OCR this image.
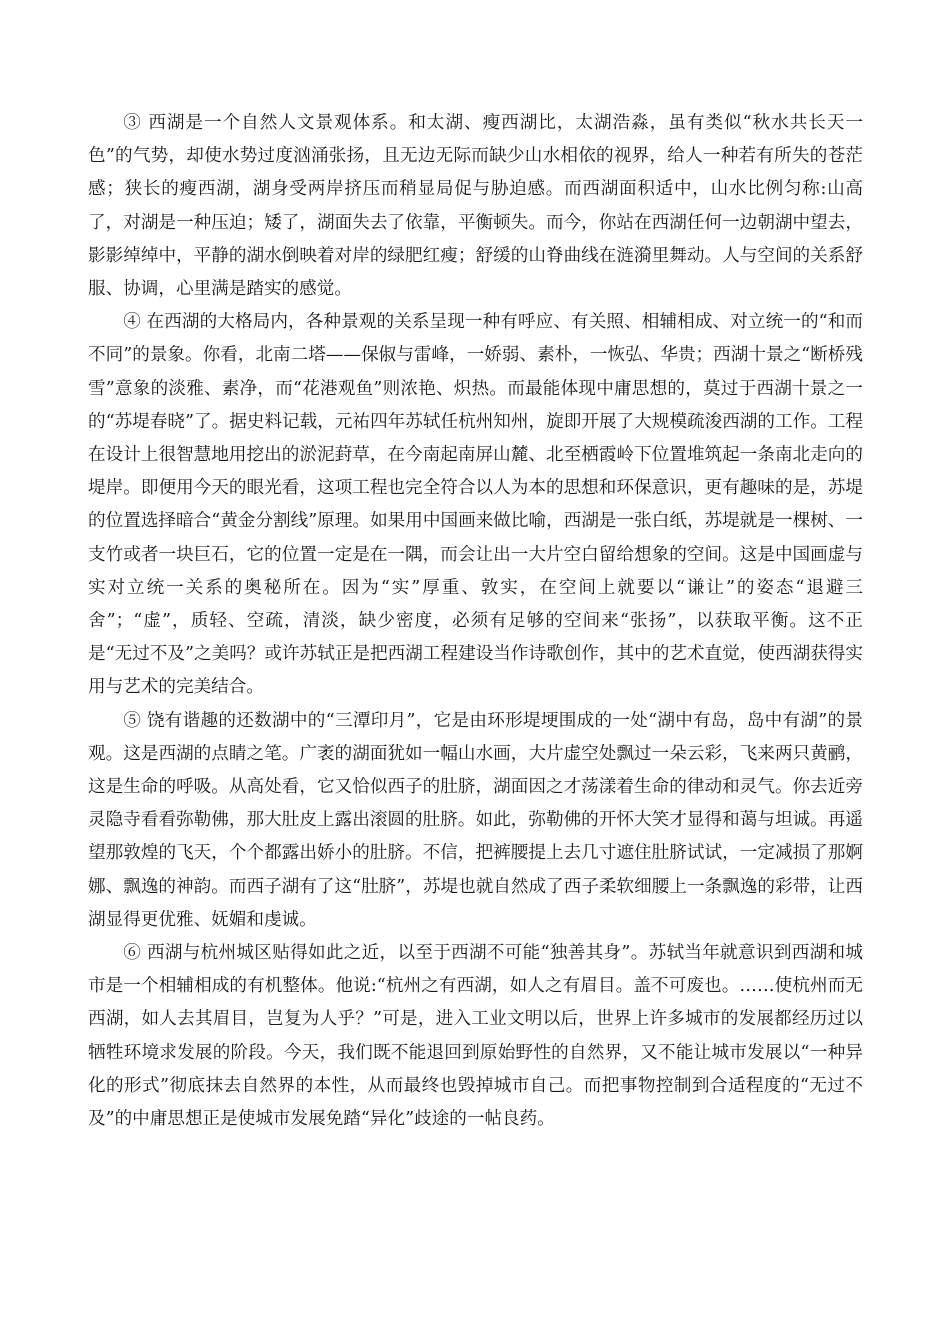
③ 西湖是一个自然人文景观体系。和太湖、瘦西湖比，太湖浩淼，虽有类似“秋水共长天一色”的气势，却使水势过度汹涌张扬，且无边无际而缺少山水相依的视界，给人一种若有所失的苍茫感；狭长的瘦西湖，湖身受两岸挤压而稍显局促与胁迫感。而西湖面积适中，山水比例匀称:山高了，对湖是一种压迫；矮了，湖面失去了依靠，平衡顿失。而今，你站在西湖任何一边朝湖中望去，影影绰绰中，平静的湖水倒映着对岸的绿肥红瘦；舒缓的山脊曲线在涟漪里舞动。人与空间的关系舒服、协调，心里满是踏实的感觉。

④ 在西湖的大格局内，各种景观的关系呈现一种有呼应、有关照、相辅相成、对立统一的“和而不同”的景象。你看，北南二塔——保俶与雷峰，一娇弱、素朴，一恢弘、华贵；西湖十景之“断桥残雪”意象的淡雅、素净，而“花港观鱼”则浓艳、炽热。而最能体现中庸思想的，莫过于西湖十景之一的“苏堤春晓”了。据史料记载，元祐四年苏轼任杭州知州，旋即开展了大规模疏浚西湖的工作。工程在设计上很智慧地用挖出的淤泥葑草，在今南起南屏山麓、北至栖霞岭下位置堆筑起一条南北走向的堤岸。即便用今天的眼光看，这项工程也完全符合以人为本的思想和环保意识，更有趣味的是，苏堤的位置选择暗合“黄金分割线”原理。如果用中国画来做比喻，西湖是一张白纸，苏堤就是一棵树、一支竹或者一块巨石，它的位置一定是在一隅，而会让出一大片空白留给想象的空间。这是中国画虚与实对立统一关系的奥秘所在。因为“实”厚重、敦实，在空间上就要以“谦让”的姿态“退避三舍”；“虚”，质轻、空疏，清淡，缺少密度，必须有足够的空间来“张扬”，以获取平衡。这不正是“无过不及”之美吗？或许苏轼正是把西湖工程建设当作诗歌创作，其中的艺术直觉，使西湖获得实用与艺术的完美结合。

⑤ 饶有谐趣的还数湖中的“三潭印月”，它是由环形堤埂围成的一处“湖中有岛，岛中有湖”的景观。这是西湖的点睛之笔。广袤的湖面犹如一幅山水画，大片虚空处飘过一朵云彩，飞来两只黄鹂，这是生命的呼吸。从高处看，它又恰似西子的肚脐，湖面因之才荡漾着生命的律动和灵气。你去近旁灵隐寺看看弥勒佛，那大肚皮上露出滚圆的肚脐。如此，弥勒佛的开怀大笑才显得和蔼与坦诚。再遥望那敦煌的飞天，个个都露出娇小的肚脐。不信，把裤腰提上去几寸遮住肚脐试试，一定减损了那婀娜、飘逸的神韵。而西子湖有了这“肚脐”，苏堤也就自然成了西子柔软细腰上一条飘逸的彩带，让西湖显得更优雅、妩媚和虔诚。

⑥ 西湖与杭州城区贴得如此之近，以至于西湖不可能“独善其身”。苏轼当年就意识到西湖和城市是一个相辅相成的有机整体。他说:“杭州之有西湖，如人之有眉目。盖不可废也。……使杭州而无西湖，如人去其眉目，岂复为人乎？”可是，进入工业文明以后，世界上许多城市的发展都经历过以牺牲环境求发展的阶段。今天，我们既不能退回到原始野性的自然界，又不能让城市发展以“一种异化的形式”彻底抹去自然界的本性，从而最终也毁掉城市自己。而把事物控制到合适程度的“无过不及”的中庸思想正是使城市发展免踏“异化”歧途的一帖良药。
